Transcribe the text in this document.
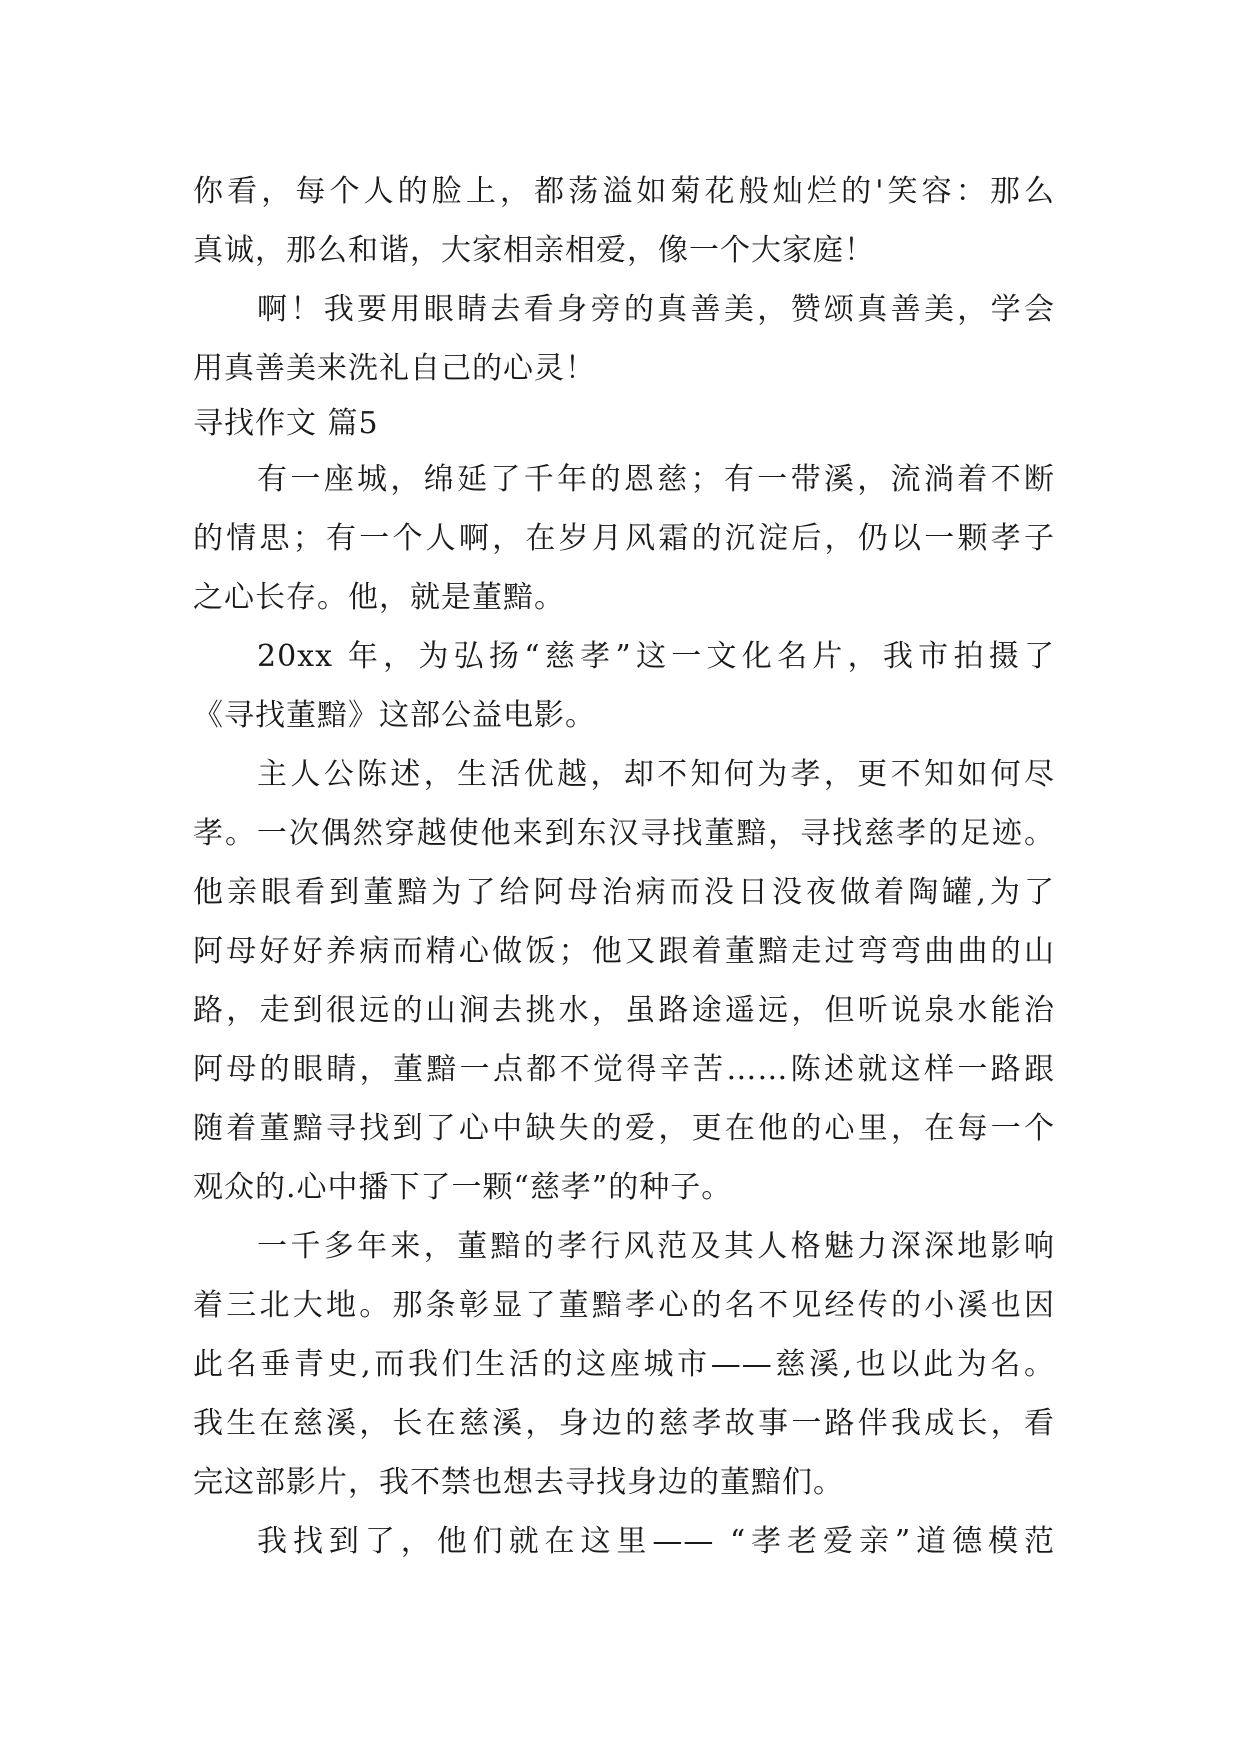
你看，每个人的脸上，都荡溢如菊花般灿烂的'笑容：那么
真诚，那么和谐，大家相亲相爱，像一个大家庭！
啊！我要用眼睛去看身旁的真善美，赞颂真善美，学会
用真善美来洗礼自己的心灵！
寻找作文 篇5
有一座城，绵延了千年的恩慈；有一带溪，流淌着不断
的情思；有一个人啊，在岁月风霜的沉淀后，仍以一颗孝子
之心长存。他，就是董黯。
20xx 年，为弘扬“慈孝”这一文化名片，我市拍摄了
《寻找董黯》这部公益电影。
主人公陈述，生活优越，却不知何为孝，更不知如何尽
孝。一次偶然穿越使他来到东汉寻找董黯，寻找慈孝的足迹。
他亲眼看到董黯为了给阿母治病而没日没夜做着陶罐,为了
阿母好好养病而精心做饭；他又跟着董黯走过弯弯曲曲的山
路，走到很远的山涧去挑水，虽路途遥远，但听说泉水能治
阿母的眼睛，董黯一点都不觉得辛苦……陈述就这样一路跟
随着董黯寻找到了心中缺失的爱，更在他的心里，在每一个
观众的.心中播下了一颗“慈孝”的种子。
一千多年来，董黯的孝行风范及其人格魅力深深地影响
着三北大地。那条彰显了董黯孝心的名不见经传的小溪也因
此名垂青史,而我们生活的这座城市——慈溪,也以此为名。
我生在慈溪，长在慈溪，身边的慈孝故事一路伴我成长，看
完这部影片，我不禁也想去寻找身边的董黯们。
我找到了，他们就在这里—— “孝老爱亲”道德模范
